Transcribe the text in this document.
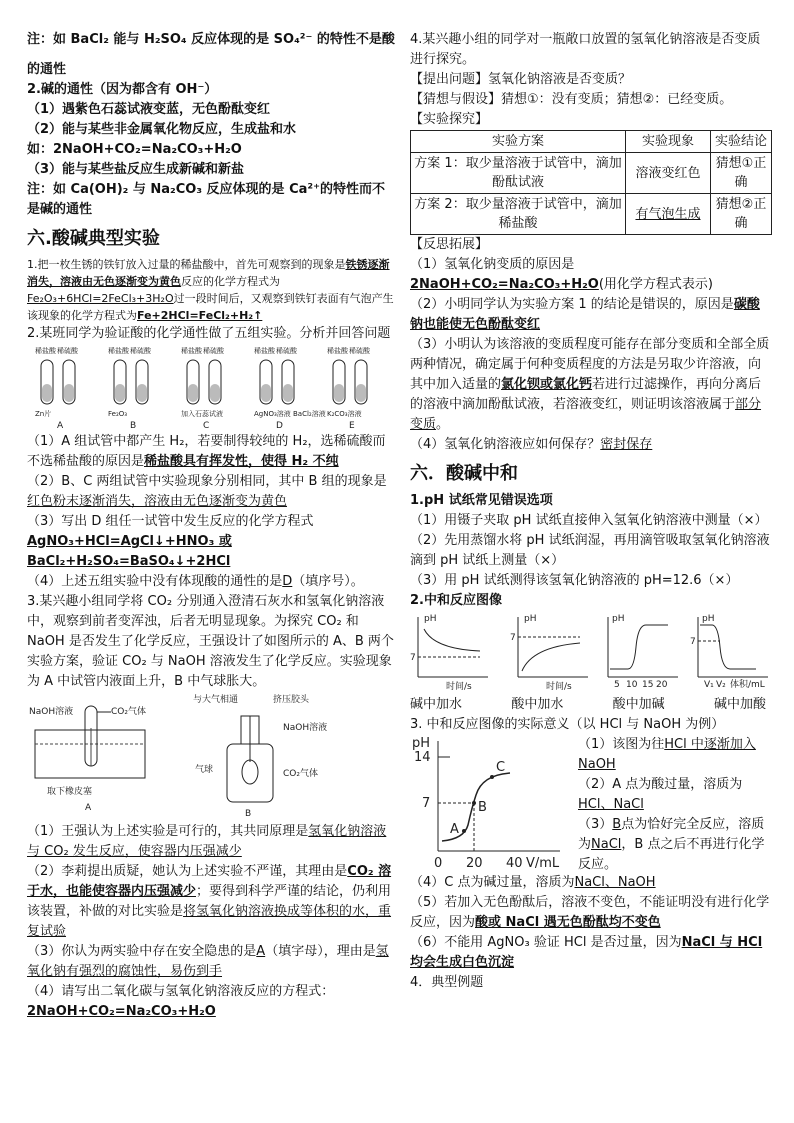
注：如 BaCl₂ 能与 H₂SO₄ 反应体现的是 SO₄²⁻ 的特性不是酸

的通性

2.碱的通性（因为都含有 OH⁻）

（1）遇紫色石蕊试液变蓝，无色酚酞变红

（2）能与某些非金属氧化物反应，生成盐和水

如：2NaOH+CO₂=Na₂CO₃+H₂O

（3）能与某些盐反应生成新碱和新盐

注：如 Ca(OH)₂ 与 Na₂CO₃ 反应体现的是 Ca²⁺的特性而不是碱的通性

六.酸碱典型实验

1.把一枚生锈的铁钉放入过量的稀盐酸中，首先可观察到的现象是铁锈逐渐消失，溶液由无色逐渐变为黄色反应的化学方程式为 Fe₂O₃+6HCl=2FeCl₃+3H₂O过一段时间后，又观察到铁钉表面有气泡产生该现象的化学方程式为Fe+2HCl=FeCl₂+H₂↑

2.某班同学为验证酸的化学通性做了五组实验。分析并回答问题

稀盐酸 稀硫酸
Zn片
A
稀盐酸 稀硫酸
Fe₂O₃
B
稀盐酸 稀硫酸
加入石蕊试液
C
稀盐酸 稀硫酸
AgNO₃溶液 BaCl₂溶液
D
稀盐酸 稀硫酸
K₂CO₃溶液
E

（1）A 组试管中都产生 H₂，若要制得较纯的 H₂，选稀硫酸而不选稀盐酸的原因是稀盐酸具有挥发性，使得 H₂ 不纯

（2）B、C 两组试管中实验现象分别相同，其中 B 组的现象是红色粉末逐渐消失，溶液由无色逐渐变为黄色

（3）写出 D 组任一试管中发生反应的化学方程式
AgNO₃+HCl=AgCl↓+HNO₃ 或 BaCl₂+H₂SO₄=BaSO₄↓+2HCl

（4）上述五组实验中没有体现酸的通性的是D（填序号）。

3.某兴趣小组同学将 CO₂ 分别通入澄清石灰水和氢氧化钠溶液中，观察到前者变浑浊，后者无明显现象。为探究 CO₂ 和 NaOH 是否发生了化学反应，王强设计了如图所示的 A、B 两个实验方案，验证 CO₂ 与 NaOH 溶液发生了化学反应。实验现象为 A 中试管内液面上升，B 中气球胀大。

NaOH溶液	CO₂气体
取下橡皮塞
A
与大气相通	挤压胶头
NaOH溶液
气球	CO₂气体
B

（1）王强认为上述实验是可行的，其共同原理是氢氧化钠溶液与 CO₂ 发生反应，使容器内压强减少

（2）李莉提出质疑，她认为上述实验不严谨，其理由是CO₂ 溶于水，也能使容器内压强减少；要得到科学严谨的结论，仍利用该装置，补做的对比实验是将氢氧化钠溶液换成等体积的水，重复试验

（3）你认为两实验中存在安全隐患的是A（填字母），理由是氢氧化钠有强烈的腐蚀性，易伤到手

（4）请写出二氧化碳与氢氧化钠溶液反应的方程式：
2NaOH+CO₂=Na₂CO₃+H₂O

4.某兴趣小组的同学对一瓶敞口放置的氢氧化钠溶液是否变质进行探究。

【提出问题】氢氧化钠溶液是否变质？

【猜想与假设】猜想①：没有变质；猜想②：已经变质。

【实验探究】

实验方案	实验现象	实验结论
方案 1：取少量溶液于试管中，滴加酚酞试液	溶液变红色	猜想①正确
方案 2：取少量溶液于试管中，滴加稀盐酸	有气泡生成	猜想②正确

【反思拓展】

（1）氢氧化钠变质的原因是2NaOH+CO₂=Na₂CO₃+H₂O(用化学方程式表示)

（2）小明同学认为实验方案 1 的结论是错误的，原因是碳酸钠也能使无色酚酞变红

（3）小明认为该溶液的变质程度可能存在部分变质和全部全质两种情况，确定属于何种变质程度的方法是另取少许溶液，向其中加入适量的氯化钡或氯化钙若进行过滤操作，再向分离后的溶液中滴加酚酞试液，若溶液变红，则证明该溶液属于部分变质。

（4）氢氧化钠溶液应如何保存？密封保存

六．酸碱中和

1.pH 试纸常见错误选项

（1）用镊子夹取 pH 试纸直接伸入氢氧化钠溶液中测量（×）

（2）先用蒸馏水将 pH 试纸润湿，再用滴管吸取氢氧化钠溶液滴到 pH 试纸上测量（×）

（3）用 pH 试纸测得该氢氧化钠溶液的 pH=12.6（×）

2.中和反应图像

pH
7
时间/s
pH
7
时间/s
pH
5 10 15 20
pH
7
V₁ V₂ 体积/mL
碱中加水	酸中加水	酸中加碱	碱中加酸

3. 中和反应图像的实际意义（以 HCl 与 NaOH 为例）

pH
14
7
0 20 40 V/mL
A
B
C

（1）该图为往HCl 中逐渐加入 NaOH

（2）A 点为酸过量，溶质为HCl、NaCl

（3）B点为恰好完全反应，溶质为NaCl，B 点之后不再进行化学反应。

（4）C 点为碱过量，溶质为NaCl、NaOH

（5）若加入无色酚酞后，溶液不变色，不能证明没有进行化学反应，因为酸或 NaCl 遇无色酚酞均不变色

（6）不能用 AgNO₃ 验证 HCl 是否过量，因为NaCl 与 HCl 均会生成白色沉淀

4．典型例题
